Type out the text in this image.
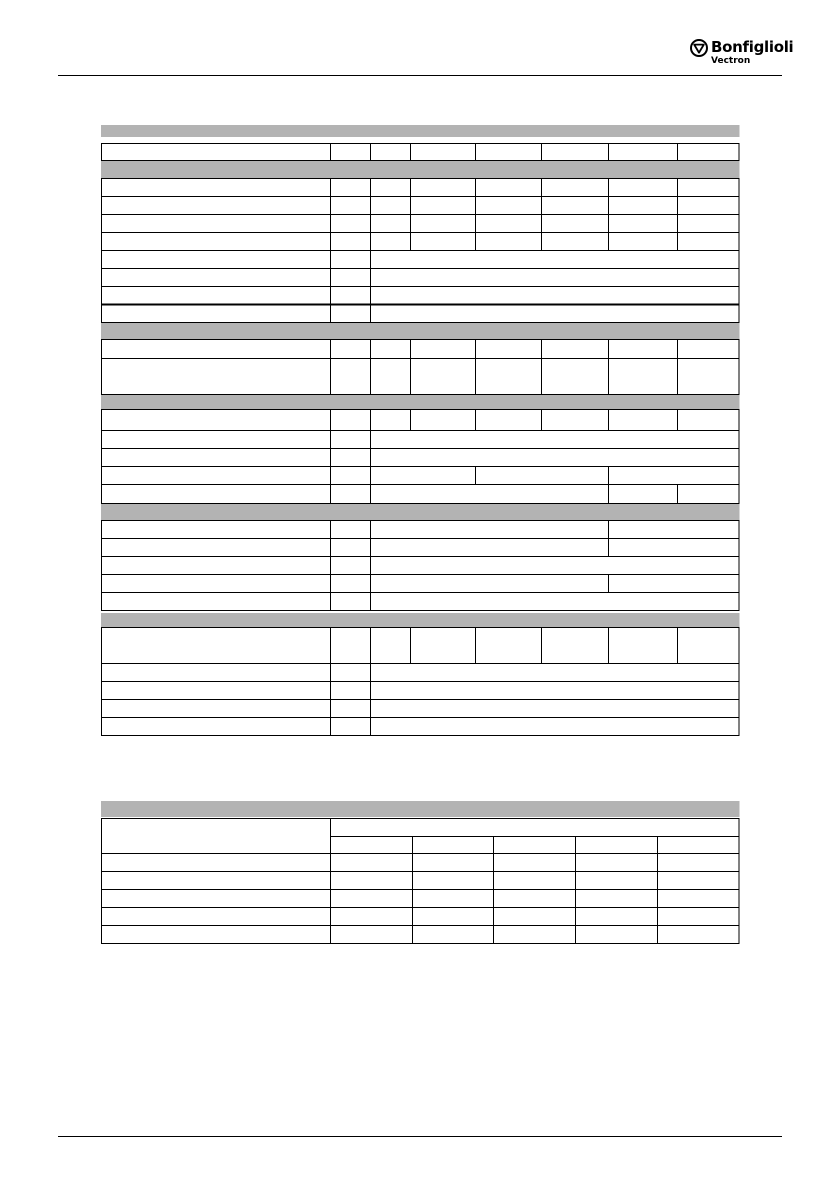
Bonfiglioli
Vectron
